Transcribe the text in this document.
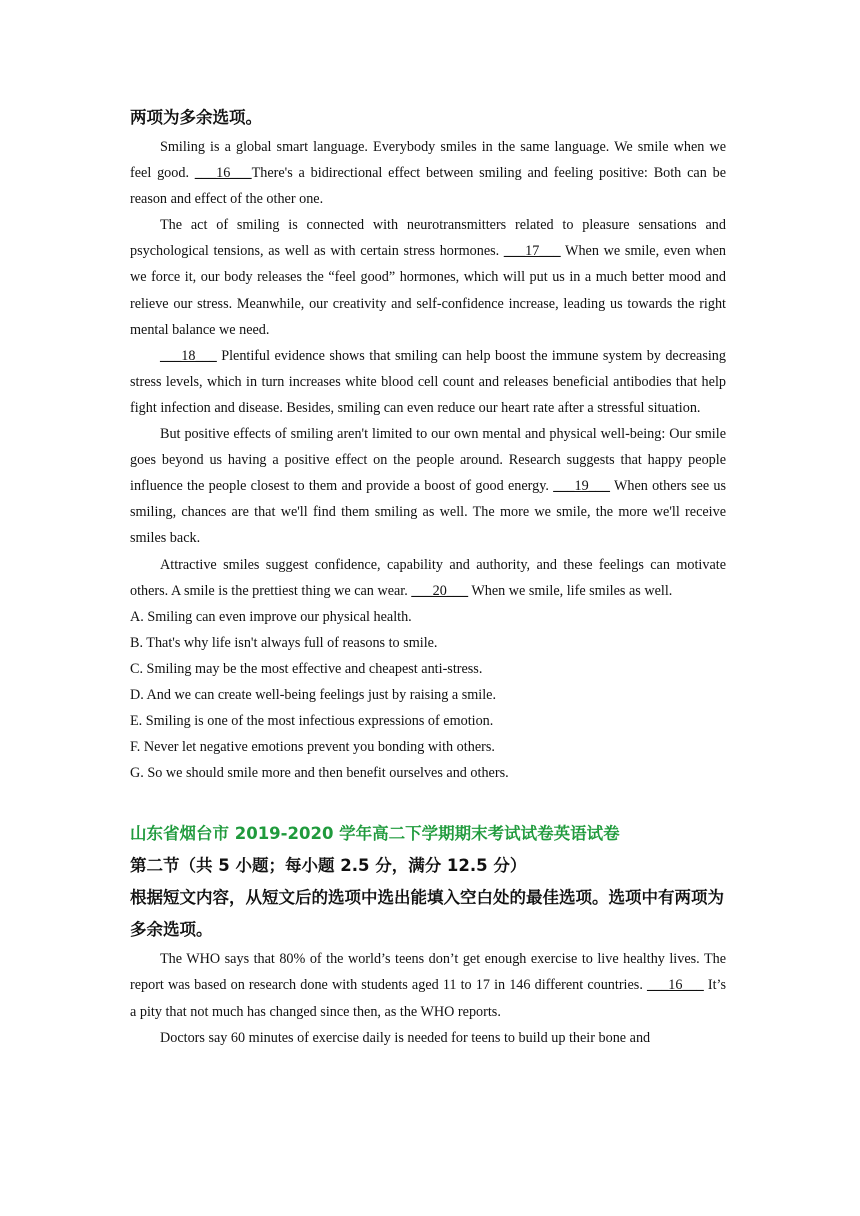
两项为多余选项。

Smiling is a global smart language. Everybody smiles in the same language. We smile when we feel good. ___16___There's a bidirectional effect between smiling and feeling positive: Both can be reason and effect of the other one.

The act of smiling is connected with neurotransmitters related to pleasure sensations and psychological tensions, as well as with certain stress hormones. ___17___ When we smile, even when we force it, our body releases the “feel good” hormones, which will put us in a much better mood and relieve our stress. Meanwhile, our creativity and self-confidence increase, leading us towards the right mental balance we need.

___18___ Plentiful evidence shows that smiling can help boost the immune system by decreasing stress levels, which in turn increases white blood cell count and releases beneficial antibodies that help fight infection and disease. Besides, smiling can even reduce our heart rate after a stressful situation.

But positive effects of smiling aren't limited to our own mental and physical well-being: Our smile goes beyond us having a positive effect on the people around. Research suggests that happy people influence the people closest to them and provide a boost of good energy. ___19___ When others see us smiling, chances are that we'll find them smiling as well. The more we smile, the more we'll receive smiles back.

Attractive smiles suggest confidence, capability and authority, and these feelings can motivate others. A smile is the prettiest thing we can wear. ___20___ When we smile, life smiles as well.

A. Smiling can even improve our physical health.

B. That's why life isn't always full of reasons to smile.

C. Smiling may be the most effective and cheapest anti-stress.

D. And we can create well-being feelings just by raising a smile.

E. Smiling is one of the most infectious expressions of emotion.

F. Never let negative emotions prevent you bonding with others.

G. So we should smile more and then benefit ourselves and others.

山东省烟台市 2019-2020 学年高二下学期期末考试试卷英语试卷

第二节（共 5 小题；每小题 2.5 分，满分 12.5 分）

根据短文内容，从短文后的选项中选出能填入空白处的最佳选项。选项中有两项为多余选项。

The WHO says that 80% of the world’s teens don’t get enough exercise to live healthy lives. The report was based on research done with students aged 11 to 17 in 146 different countries. ___16___ It’s a pity that not much has changed since then, as the WHO reports.

Doctors say 60 minutes of exercise daily is needed for teens to build up their bone and
